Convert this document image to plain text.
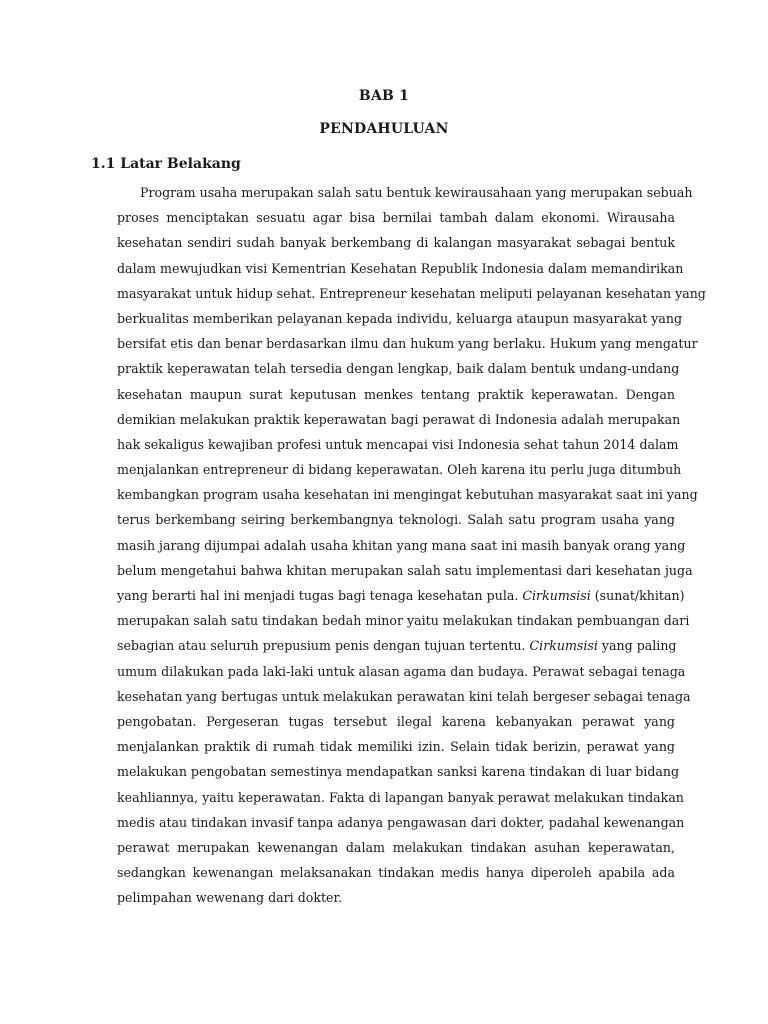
BAB 1
PENDAHULUAN
1.1 Latar Belakang
Program usaha merupakan salah satu bentuk kewirausahaan yang merupakan sebuah
proses menciptakan sesuatu agar bisa bernilai tambah dalam ekonomi. Wirausaha
kesehatan sendiri sudah banyak berkembang di kalangan masyarakat sebagai bentuk
dalam mewujudkan visi Kementrian Kesehatan Republik Indonesia dalam memandirikan
masyarakat untuk hidup sehat. Entrepreneur kesehatan meliputi pelayanan kesehatan yang
berkualitas memberikan pelayanan kepada individu, keluarga ataupun masyarakat yang
bersifat etis dan benar berdasarkan ilmu dan hukum yang berlaku. Hukum yang mengatur
praktik keperawatan telah tersedia dengan lengkap, baik dalam bentuk undang-undang
kesehatan maupun surat keputusan menkes tentang praktik keperawatan. Dengan
demikian melakukan praktik keperawatan bagi perawat di Indonesia adalah merupakan
hak sekaligus kewajiban profesi untuk mencapai visi Indonesia sehat tahun 2014 dalam
menjalankan entrepreneur di bidang keperawatan. Oleh karena itu perlu juga ditumbuh
kembangkan program usaha kesehatan ini mengingat kebutuhan masyarakat saat ini yang
terus berkembang seiring berkembangnya teknologi. Salah satu program usaha yang
masih jarang dijumpai adalah usaha khitan yang mana saat ini masih banyak orang yang
belum mengetahui bahwa khitan merupakan salah satu implementasi dari kesehatan juga
yang berarti hal ini menjadi tugas bagi tenaga kesehatan pula. Cirkumsisi (sunat/khitan)
merupakan salah satu tindakan bedah minor yaitu melakukan tindakan pembuangan dari
sebagian atau seluruh prepusium penis dengan tujuan tertentu. Cirkumsisi yang paling
umum dilakukan pada laki-laki untuk alasan agama dan budaya. Perawat sebagai tenaga
kesehatan yang bertugas untuk melakukan perawatan kini telah bergeser sebagai tenaga
pengobatan. Pergeseran tugas tersebut ilegal karena kebanyakan perawat yang
menjalankan praktik di rumah tidak memiliki izin. Selain tidak berizin, perawat yang
melakukan pengobatan semestinya mendapatkan sanksi karena tindakan di luar bidang
keahliannya, yaitu keperawatan. Fakta di lapangan banyak perawat melakukan tindakan
medis atau tindakan invasif tanpa adanya pengawasan dari dokter, padahal kewenangan
perawat merupakan kewenangan dalam melakukan tindakan asuhan keperawatan,
sedangkan kewenangan melaksanakan tindakan medis hanya diperoleh apabila ada
pelimpahan wewenang dari dokter.
